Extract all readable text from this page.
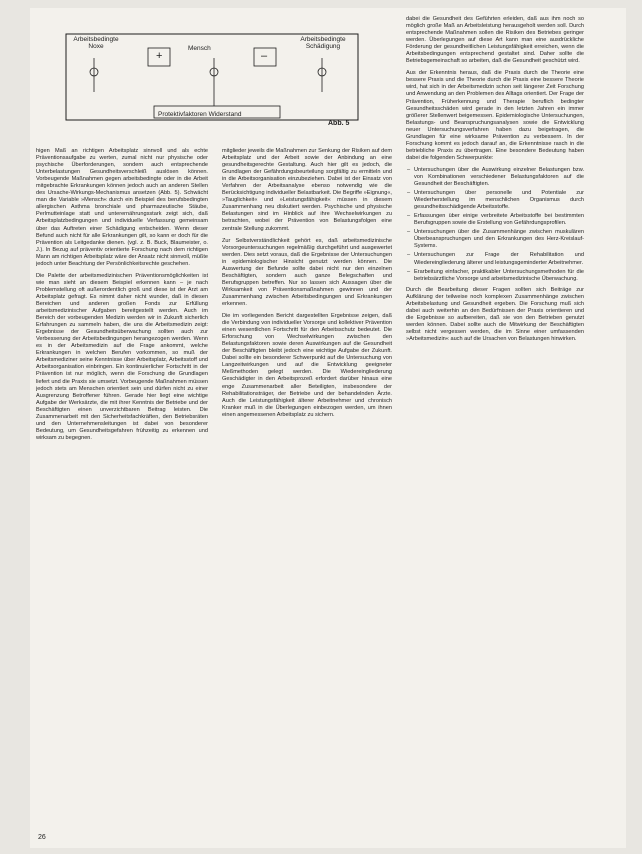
Arbeitsbedingte
Noxe	Mensch
Arbeitsbedingte
Schädigung
+	–
Protektivfaktoren Widerstand
Abb. 5

higen Maß an richtigen Arbeitsplatz sinnvoll und als echte Präventionsaufgabe zu werten, zumal nicht nur physische oder psychische Überforderungen, sondern auch entsprechende Unterbelastungen Gesundheitsverschleiß auslösen können. Vorbeugende Maßnahmen gegen arbeitsbedingte oder in die Arbeit mitgebrachte Erkrankungen können jedoch auch an anderen Stellen des Ursache-Wirkungs-Mechanismus ansetzen (Abb. 5). Schwächt man die Variable »Mensch« durch ein Beispiel des berufsbedingten allergischen Asthma bronchiale und pharmazeutische Stäube, Perlmutteinlage statt und unterernährungsstark zeigt sich, daß Arbeitsplatzbedingungen und individuelle Verfassung gemeinsam über das Auftreten einer Schädigung entscheiden. Wenn dieser Befund auch nicht für alle Erkrankungen gilt, so kann er doch für die Prävention als Leitgedanke dienen. (vgl. z. B. Buck, Blaumeister, o. J.). In Bezug auf präventiv orientierte Forschung nach dem richtigen Mann am richtigen Arbeitsplatz wäre der Ansatz nicht sinnvoll, müßte jedoch unter Beachtung der Persönlichkeitsrechte geschehen.

Die Palette der arbeitsmedizinischen Präventionsmöglichkeiten ist wie man sieht an diesem Beispiel erkennen kann – je nach Problemstellung oft außerordentlich groß und diese ist der Arzt am Arbeitsplatz gefragt. Es nimmt daher nicht wunder, daß in diesen Bereichen und anderen großen Fonds zur Erfüllung arbeitsmedizinischer Aufgaben bereitgestellt werden. Auch im Bereich der vorbeugenden Medizin werden wir in Zukunft sicherlich Erfahrungen zu sammeln haben, die uns die Arbeitsmedizin zeigt: Ergebnisse der Gesundheitsüberwachung sollten auch zur Verbesserung der Arbeitsbedingungen herangezogen werden. Wenn es in der Arbeitsmedizin auf die Frage ankommt, welche Erkrankungen in welchen Berufen vorkommen, so muß der Arbeitsmediziner seine Kenntnisse über Arbeitsplatz, Arbeitsstoff und Arbeitsorganisation einbringen. Ein kontinuierlicher Fortschritt in der Prävention ist nur möglich, wenn die Forschung die Grundlagen liefert und die Praxis sie umsetzt. Vorbeugende Maßnahmen müssen jedoch stets am Menschen orientiert sein und dürfen nicht zu einer Ausgrenzung Betroffener führen. Gerade hier liegt eine wichtige Aufgabe der Werksärzte, die mit ihrer Kenntnis der Betriebe und der Beschäftigten einen unverzichtbaren Beitrag leisten. Die Zusammenarbeit mit den Sicherheitsfachkräften, den Betriebsräten und den Unternehmensleitungen ist dabei von besonderer Bedeutung, um Gesundheitsgefahren frühzeitig zu erkennen und wirksam zu begegnen.

mitglieder jeweils die Maßnahmen zur Senkung der Risiken auf dem Arbeitsplatz und der Arbeit sowie der Anbindung an eine gesundheitsgerechte Gestaltung. Auch hier gilt es jedoch, die Grundlagen der Gefährdungsbeurteilung sorgfältig zu ermitteln und in die Arbeitsorganisation einzubeziehen. Dabei ist der Einsatz von Verfahren der Arbeitsanalyse ebenso notwendig wie die Berücksichtigung individueller Belastbarkeit. Die Begriffe »Eignung«, »Tauglichkeit« und »Leistungsfähigkeit« müssen in diesem Zusammenhang neu diskutiert werden. Psychische und physische Belastungen sind im Hinblick auf ihre Wechselwirkungen zu betrachten, wobei der Prävention von Belastungsfolgen eine zentrale Stellung zukommt.

Zur Selbstverständlichkeit gehört es, daß arbeitsmedizinische Vorsorgeuntersuchungen regelmäßig durchgeführt und ausgewertet werden. Dies setzt voraus, daß die Ergebnisse der Untersuchungen in epidemiologischer Hinsicht genutzt werden können. Die Auswertung der Befunde sollte dabei nicht nur den einzelnen Beschäftigten, sondern auch ganze Belegschaften und Berufsgruppen betreffen. Nur so lassen sich Aussagen über die Wirksamkeit von Präventionsmaßnahmen gewinnen und der Zusammenhang zwischen Arbeitsbedingungen und Erkrankungen erkennen.

Die im vorliegenden Bericht dargestellten Ergebnisse zeigen, daß die Verbindung von individueller Vorsorge und kollektiver Prävention einen wesentlichen Fortschritt für den Arbeitsschutz bedeutet. Die Erforschung von Wechselwirkungen zwischen den Belastungsfaktoren sowie deren Auswirkungen auf die Gesundheit der Beschäftigten bleibt jedoch eine wichtige Aufgabe der Zukunft. Dabei sollte ein besonderer Schwerpunkt auf die Untersuchung von Langzeitwirkungen und auf die Entwicklung geeigneter Meßmethoden gelegt werden. Die Wiedereingliederung Geschädigter in den Arbeitsprozeß erfordert darüber hinaus eine enge Zusammenarbeit aller Beteiligten, insbesondere der Rehabilitationsträger, der Betriebe und der behandelnden Ärzte. Auch die Leistungsfähigkeit älterer Arbeitnehmer und chronisch Kranker muß in die Überlegungen einbezogen werden, um ihnen einen angemessenen Arbeitsplatz zu sichern.

dabei die Gesundheit des Geführten erleiden, daß aus ihm noch so möglich große Maß an Arbeitsleistung herausgeholt werden soll. Durch entsprechende Maßnahmen sollen die Risiken des Betriebes geringer werden. Überlegungen auf diese Art kann man eine ausdrückliche Förderung der gesundheitlichen Leistungsfähigkeit erreichen, wenn die Arbeitsbedingungen entsprechend gestaltet sind. Daher sollte die Betriebsgemeinschaft so arbeiten, daß die Gesundheit geschützt wird.

Aus der Erkenntnis heraus, daß die Praxis durch die Theorie eine bessere Praxis und die Theorie durch die Praxis eine bessere Theorie wird, hat sich in der Arbeitsmedizin schon seit längerer Zeit Forschung und Anwendung an den Problemen des Alltags orientiert. Der Frage der Prävention, Früherkennung und Therapie beruflich bedingter Gesundheitsschäden wird gerade in den letzten Jahren ein immer größerer Stellenwert beigemessen. Epidemiologische Untersuchungen, Belastungs- und Beanspruchungsanalysen sowie die Entwicklung neuer Untersuchungsverfahren haben dazu beigetragen, die Grundlagen für eine wirksame Prävention zu verbessern. In der Forschung kommt es jedoch darauf an, die Erkenntnisse rasch in die betriebliche Praxis zu übertragen. Eine besondere Bedeutung haben dabei die folgenden Schwerpunkte:

– Untersuchungen über die Auswirkung einzelner Belastungen bzw. von Kombinationen verschiedener Belastungsfaktoren auf die Gesundheit der Beschäftigten.
– Untersuchungen über personelle und Potentiale zur Wiederherstellung im menschlichen Organismus durch gesundheitsschädigende Arbeitsstoffe.
– Erfassungen über einige verbreitete Arbeitsstoffe bei bestimmten Berufsgruppen sowie die Erstellung von Gefährdungsprofilen.
– Untersuchungen über die Zusammenhänge zwischen muskulären Überbeanspruchungen und den Erkrankungen des Herz-Kreislauf-Systems.
– Untersuchungen zur Frage der Rehabilitation und Wiedereingliederung älterer und leistungsgeminderter Arbeitnehmer.
– Erarbeitung einfacher, praktikabler Untersuchungsmethoden für die betriebsärztliche Vorsorge und arbeitsmedizinische Überwachung.

Durch die Bearbeitung dieser Fragen sollten sich Beiträge zur Aufklärung der teilweise noch komplexen Zusammenhänge zwischen Arbeitsbelastung und Gesundheit ergeben. Die Forschung muß sich dabei auch weiterhin an den Bedürfnissen der Praxis orientieren und die Ergebnisse so aufbereiten, daß sie von den Betrieben genutzt werden können. Dabei sollte auch die Mitwirkung der Beschäftigten selbst nicht vergessen werden, die im Sinne einer umfassenden »Arbeitsmedizin« auch auf die Ursachen von Belastungen hinwirken.

26
